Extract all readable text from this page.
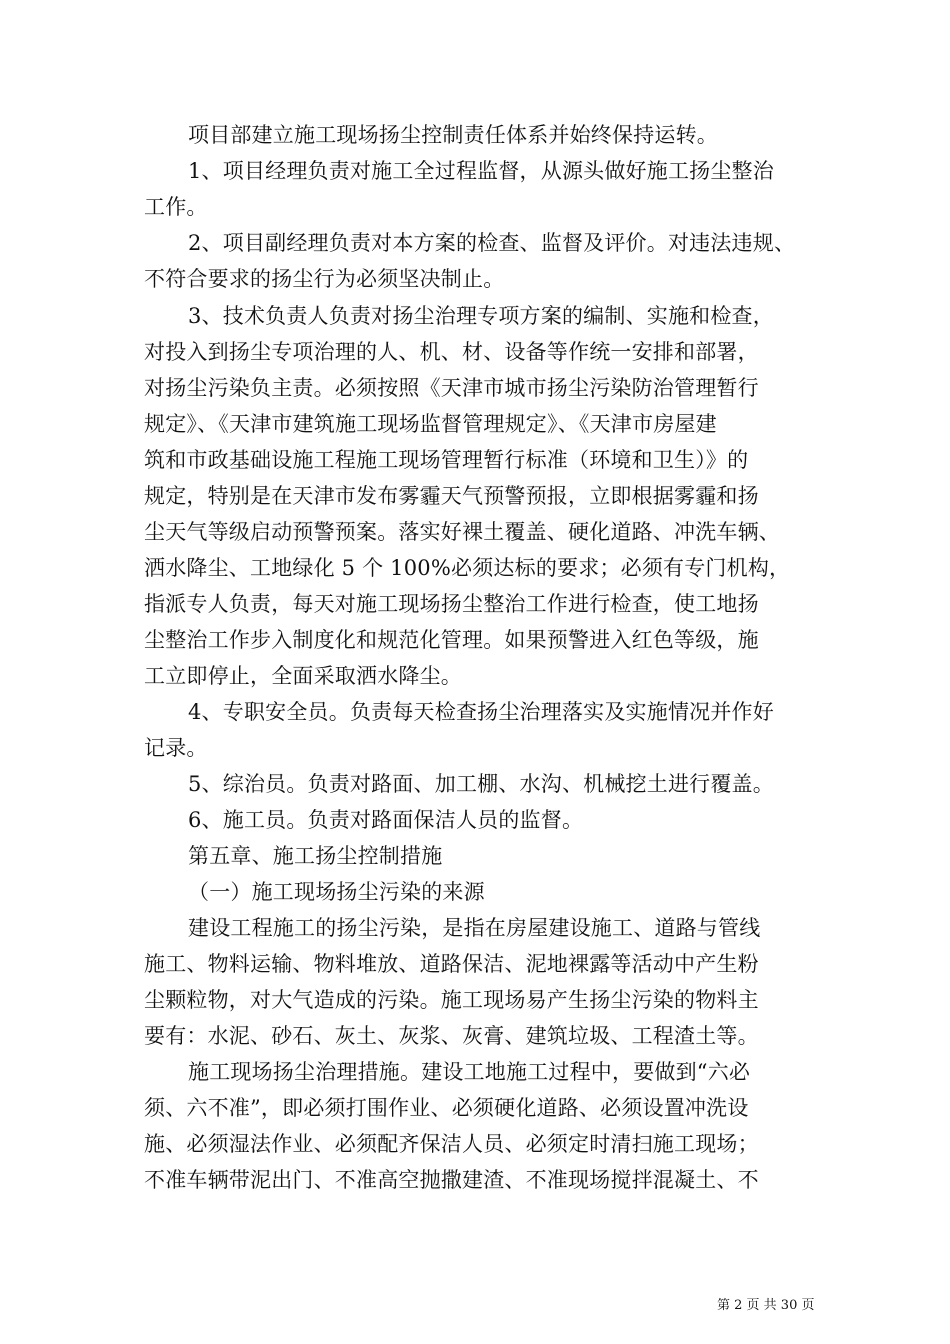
项目部建立施工现场扬尘控制责任体系并始终保持运转。
1、项目经理负责对施工全过程监督，从源头做好施工扬尘整治
工作。
2、项目副经理负责对本方案的检查、监督及评价。对违法违规、
不符合要求的扬尘行为必须坚决制止。
3、技术负责人负责对扬尘治理专项方案的编制、实施和检查，
对投入到扬尘专项治理的人、机、材、设备等作统一安排和部署，
对扬尘污染负主责。必须按照《天津市城市扬尘污染防治管理暂行
规定》、《天津市建筑施工现场监督管理规定》、《天津市房屋建
筑和市政基础设施工程施工现场管理暂行标准（环境和卫生）》的
规定，特别是在天津市发布雾霾天气预警预报，立即根据雾霾和扬
尘天气等级启动预警预案。落实好裸土覆盖、硬化道路、冲洗车辆、
洒水降尘、工地绿化 5 个 100%必须达标的要求；必须有专门机构，
指派专人负责，每天对施工现场扬尘整治工作进行检查，使工地扬
尘整治工作步入制度化和规范化管理。如果预警进入红色等级，施
工立即停止，全面采取洒水降尘。
4、专职安全员。负责每天检查扬尘治理落实及实施情况并作好
记录。
5、综治员。负责对路面、加工棚、水沟、机械挖土进行覆盖。
6、施工员。负责对路面保洁人员的监督。
第五章、施工扬尘控制措施
（一）施工现场扬尘污染的来源
建设工程施工的扬尘污染，是指在房屋建设施工、道路与管线
施工、物料运输、物料堆放、道路保洁、泥地裸露等活动中产生粉
尘颗粒物，对大气造成的污染。施工现场易产生扬尘污染的物料主
要有：水泥、砂石、灰土、灰浆、灰膏、建筑垃圾、工程渣土等。
施工现场扬尘治理措施。建设工地施工过程中，要做到“六必
须、六不准”，即必须打围作业、必须硬化道路、必须设置冲洗设
施、必须湿法作业、必须配齐保洁人员、必须定时清扫施工现场；
不准车辆带泥出门、不准高空抛撒建渣、不准现场搅拌混凝土、不
第 2 页 共 30 页
